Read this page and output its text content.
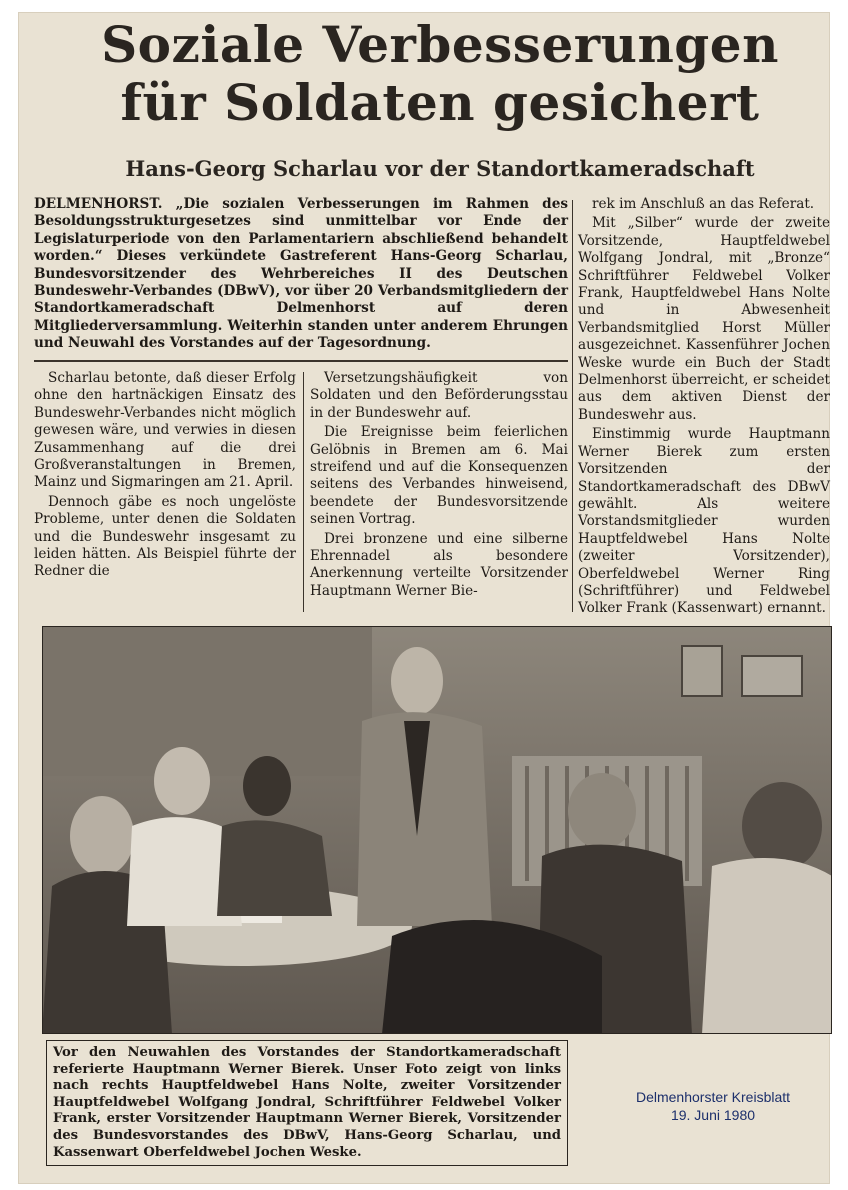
Soziale Verbesserungen
für Soldaten gesichert
Hans-Georg Scharlau vor der Standortkameradschaft
DELMENHORST. „Die sozialen Verbesserungen im Rahmen des Besoldungsstrukturgesetzes sind unmittelbar vor Ende der Legislaturperiode von den Parlamentariern abschließend behandelt worden.“ Dieses verkündete Gastreferent Hans-Georg Scharlau, Bundesvorsitzender des Wehrbereiches II des Deutschen Bundeswehr-Verbandes (DBwV), vor über 20 Verbandsmitgliedern der Standortkameradschaft Delmenhorst auf deren Mitgliederversammlung. Weiterhin standen unter anderem Ehrungen und Neuwahl des Vorstandes auf der Tagesordnung.

Scharlau betonte, daß dieser Erfolg ohne den hartnäckigen Einsatz des Bundeswehr-Verbandes nicht möglich gewesen wäre, und verwies in diesen Zusammenhang auf die drei Großveranstaltungen in Bremen, Mainz und Sigmaringen am 21. April.

Dennoch gäbe es noch ungelöste Probleme, unter denen die Soldaten und die Bundeswehr insgesamt zu leiden hätten. Als Beispiel führte der Redner die

Versetzungshäufigkeit von Soldaten und den Beförderungsstau in der Bundeswehr auf.

Die Ereignisse beim feierlichen Gelöbnis in Bremen am 6. Mai streifend und auf die Konsequenzen seitens des Verbandes hinweisend, beendete der Bundesvorsitzende seinen Vortrag.

Drei bronzene und eine silberne Ehrennadel als besondere Anerkennung verteilte Vorsitzender Hauptmann Werner Bie-

rek im Anschluß an das Referat.

Mit „Silber“ wurde der zweite Vorsitzende, Hauptfeldwebel Wolfgang Jondral, mit „Bronze“ Schriftführer Feldwebel Volker Frank, Hauptfeldwebel Hans Nolte und in Abwesenheit Verbandsmitglied Horst Müller ausgezeichnet. Kassenführer Jochen Weske wurde ein Buch der Stadt Delmenhorst überreicht, er scheidet aus dem aktiven Dienst der Bundeswehr aus.

Einstimmig wurde Hauptmann Werner Bierek zum ersten Vorsitzenden der Standortkameradschaft des DBwV gewählt. Als weitere Vorstandsmitglieder wurden Hauptfeldwebel Hans Nolte (zweiter Vorsitzender), Oberfeldwebel Werner Ring (Schriftführer) und Feldwebel Volker Frank (Kassenwart) ernannt.

Vor den Neuwahlen des Vorstandes der Standortkameradschaft referierte Hauptmann Werner Bierek. Unser Foto zeigt von links nach rechts Hauptfeldwebel Hans Nolte, zweiter Vorsitzender Hauptfeldwebel Wolfgang Jondral, Schriftführer Feldwebel Volker Frank, erster Vorsitzender Hauptmann Werner Bierek, Vorsitzender des Bundesvorstandes des DBwV, Hans-Georg Scharlau, und Kassenwart Oberfeldwebel Jochen Weske.
Delmenhorster Kreisblatt
19. Juni 1980
